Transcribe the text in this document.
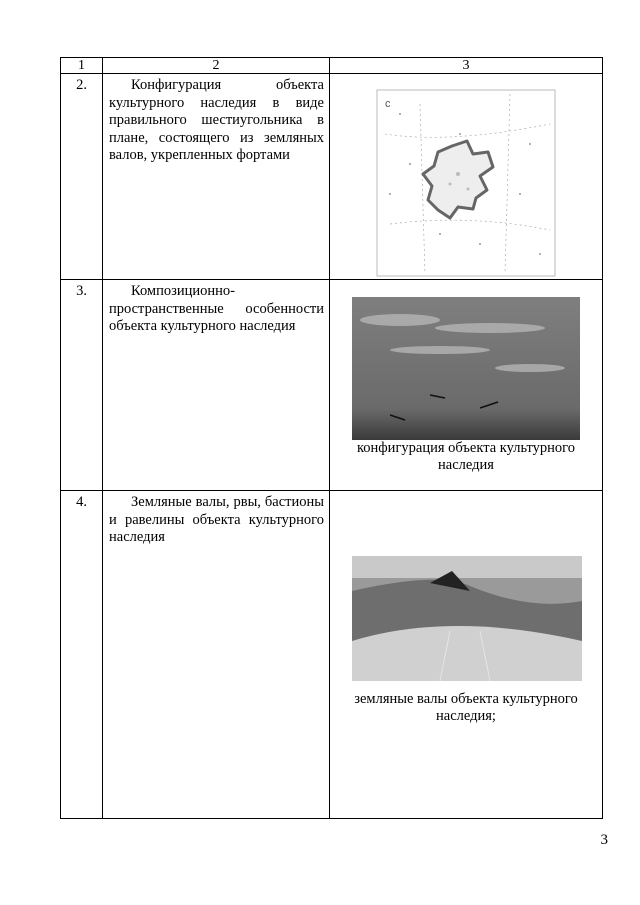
1	2	3

2.	Конфигурация объекта культурного наследия в виде правильного шестиугольника в плане, состоящего из земляных валов, укрепленных фортами	с

3.	Композиционно-пространственные особенности объекта культурного наследия	конфигурация объекта культурного наследия

4.	Земляные валы, рвы, бастионы и равелины объекта культурного наследия	земляные валы объекта культурного наследия;
3
